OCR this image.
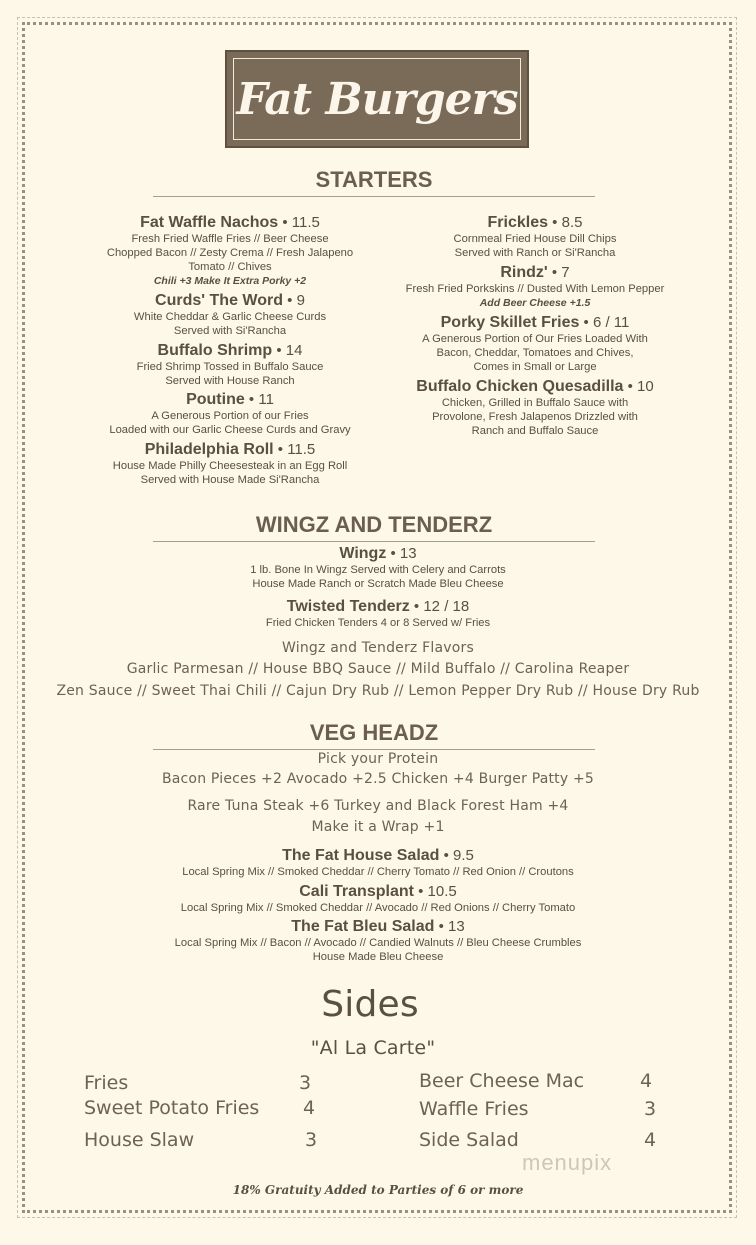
Fat Burgers
STARTERS
Fat Waffle Nachos • 11.5
Fresh Fried Waffle Fries // Beer Cheese
Chopped Bacon // Zesty Crema // Fresh Jalapeno
Tomato // Chives
Chili +3 Make It Extra Porky +2
Curds' The Word • 9
White Cheddar & Garlic Cheese Curds
Served with Si'Rancha
Buffalo Shrimp • 14
Fried Shrimp Tossed in Buffalo Sauce
Served with House Ranch
Poutine • 11
A Generous Portion of our Fries
Loaded with our Garlic Cheese Curds and Gravy
Philadelphia Roll • 11.5
House Made Philly Cheesesteak in an Egg Roll
Served with House Made Si'Rancha
Frickles • 8.5
Cornmeal Fried House Dill Chips
Served with Ranch or Si'Rancha
Rindz' • 7
Fresh Fried Porkskins // Dusted With Lemon Pepper
Add Beer Cheese +1.5
Porky Skillet Fries • 6 / 11
A Generous Portion of Our Fries Loaded With
Bacon, Cheddar, Tomatoes and Chives,
Comes in Small or Large
Buffalo Chicken Quesadilla • 10
Chicken, Grilled in Buffalo Sauce with
Provolone, Fresh Jalapenos Drizzled with
Ranch and Buffalo Sauce
WINGZ AND TENDERZ
Wingz • 13
1 lb. Bone In Wingz Served with Celery and Carrots
House Made Ranch or Scratch Made Bleu Cheese
Twisted Tenderz • 12 / 18
Fried Chicken Tenders 4 or 8 Served w/ Fries
Wingz and Tenderz Flavors
Garlic Parmesan // House BBQ Sauce // Mild Buffalo // Carolina Reaper
Zen Sauce // Sweet Thai Chili // Cajun Dry Rub // Lemon Pepper Dry Rub // House Dry Rub
VEG HEADZ
Pick your Protein
Bacon Pieces +2 Avocado +2.5 Chicken +4 Burger Patty +5
Rare Tuna Steak +6 Turkey and Black Forest Ham +4
Make it a Wrap +1
The Fat House Salad • 9.5
Local Spring Mix // Smoked Cheddar // Cherry Tomato // Red Onion // Croutons
Cali Transplant • 10.5
Local Spring Mix // Smoked Cheddar // Avocado // Red Onions // Cherry Tomato
The Fat Bleu Salad • 13
Local Spring Mix // Bacon // Avocado // Candied Walnuts // Bleu Cheese Crumbles
House Made Bleu Cheese
Sides
"Al La Carte"
Fries	3
Sweet Potato Fries 4
House Slaw	3
Beer Cheese Mac	4
Waffle Fries	3
Side Salad	4
menupix
18% Gratuity Added to Parties of 6 or more
